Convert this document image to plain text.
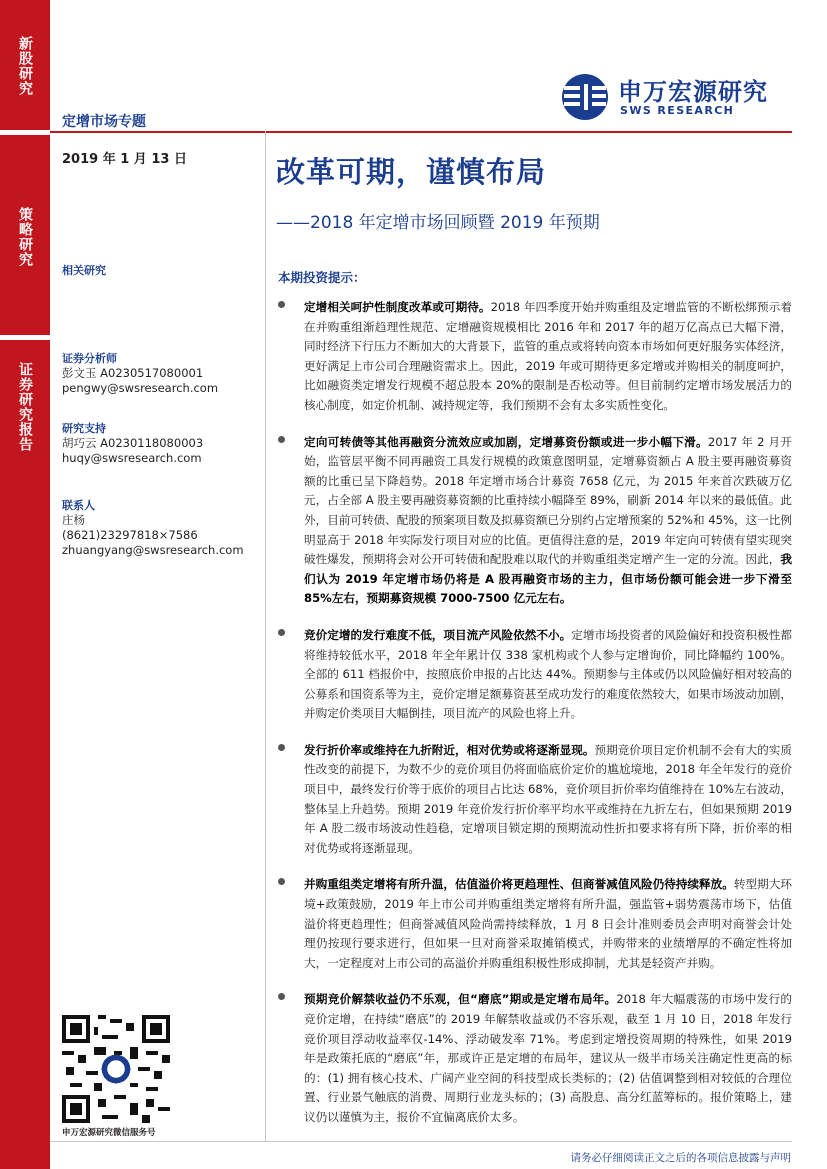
新股研究
策略研究
证券研究报告
申万宏源研究
SWS RESEARCH
定增市场专题
2019 年 1 月 13 日
相关研究
证券分析师
彭文玉 A0230517080001
pengwy@swsresearch.com
研究支持
胡巧云 A0230118080003
huqy@swsresearch.com
联系人
庄杨
(8621)23297818×7586
zhuangyang@swsresearch.com
申万宏源研究微信服务号
改革可期，谨慎布局
——2018 年定增市场回顾暨 2019 年预期
本期投资提示：

定增相关呵护性制度改革或可期待。2018 年四季度开始并购重组及定增监管的不断松绑预示着在并购重组渐趋理性规范、定增融资规模相比 2016 年和 2017 年的超万亿高点已大幅下滑，同时经济下行压力不断加大的大背景下，监管的重点或将转向资本市场如何更好服务实体经济，更好满足上市公司合理融资需求上。因此，2019 年或可期待更多定增或并购相关的制度呵护，比如融资类定增发行规模不超总股本 20%的限制是否松动等。但目前制约定增市场发展活力的核心制度，如定价机制、减持规定等，我们预期不会有太多实质性变化。

定向可转债等其他再融资分流效应或加剧，定增募资份额或进一步小幅下滑。2017 年 2 月开始，监管层平衡不同再融资工具发行规模的政策意图明显，定增募资额占 A 股主要再融资募资额的比重已呈下降趋势。2018 年定增市场合计募资 7658 亿元，为 2015 年来首次跌破万亿元，占全部 A 股主要再融资募资额的比重持续小幅降至 89%，刷新 2014 年以来的最低值。此外，目前可转债、配股的预案项目数及拟募资额已分别约占定增预案的 52%和 45%，这一比例明显高于 2018 年实际发行项目对应的比值。更值得注意的是，2019 年定向可转债有望实现突破性爆发，预期将会对公开可转债和配股难以取代的并购重组类定增产生一定的分流。因此，我们认为 2019 年定增市场仍将是 A 股再融资市场的主力，但市场份额可能会进一步下滑至 85%左右，预期募资规模 7000-7500 亿元左右。

竞价定增的发行难度不低，项目流产风险依然不小。定增市场投资者的风险偏好和投资积极性都将维持较低水平，2018 年全年累计仅 338 家机构或个人参与定增询价，同比降幅约 100%。全部的 611 档报价中，按照底价申报的占比达 44%。预期参与主体或仍以风险偏好相对较高的公募系和国资系等为主，竞价定增足额募资甚至成功发行的难度依然较大，如果市场波动加剧，并购定价类项目大幅倒挂，项目流产的风险也将上升。

发行折价率或维持在九折附近，相对优势或将逐渐显现。预期竞价项目定价机制不会有大的实质性改变的前提下，为数不少的竞价项目仍将面临底价定价的尴尬境地，2018 年全年发行的竞价项目中，最终发行价等于底价的项目占比达 68%，竞价项目折价率均值维持在 10%左右波动，整体呈上升趋势。预期 2019 年竞价发行折价率平均水平或维持在九折左右，但如果预期 2019 年 A 股二级市场波动性趋稳，定增项目锁定期的预期流动性折扣要求将有所下降，折价率的相对优势或将逐渐显现。

并购重组类定增将有所升温，估值溢价将更趋理性、但商誉减值风险仍待持续释放。转型期大环境+政策鼓励，2019 年上市公司并购重组类定增将有所升温，强监管+弱势震荡市场下，估值溢价将更趋理性；但商誉减值风险尚需持续释放，1 月 8 日会计准则委员会声明对商誉会计处理仍按现行要求进行，但如果一旦对商誉采取摊销模式，并购带来的业绩增厚的不确定性将加大，一定程度对上市公司的高溢价并购重组积极性形成抑制，尤其是轻资产并购。

预期竞价解禁收益仍不乐观，但“磨底”期或是定增布局年。2018 年大幅震荡的市场中发行的竞价定增，在持续“磨底”的 2019 年解禁收益或仍不容乐观，截至 1 月 10 日，2018 年发行竞价项目浮动收益率仅-14%、浮动破发率 71%。考虑到定增投资周期的特殊性，如果 2019 年是政策托底的“磨底”年，那或许正是定增的布局年，建议从一级半市场关注确定性更高的标的：(1) 拥有核心技术、广阔产业空间的科技型成长类标的；(2) 估值调整到相对较低的合理位置、行业景气触底的消费、周期行业龙头标的；(3) 高股息、高分红蓝筹标的。报价策略上，建议仍以谨慎为主，报价不宜偏离底价太多。

请务必仔细阅读正文之后的各项信息披露与声明
